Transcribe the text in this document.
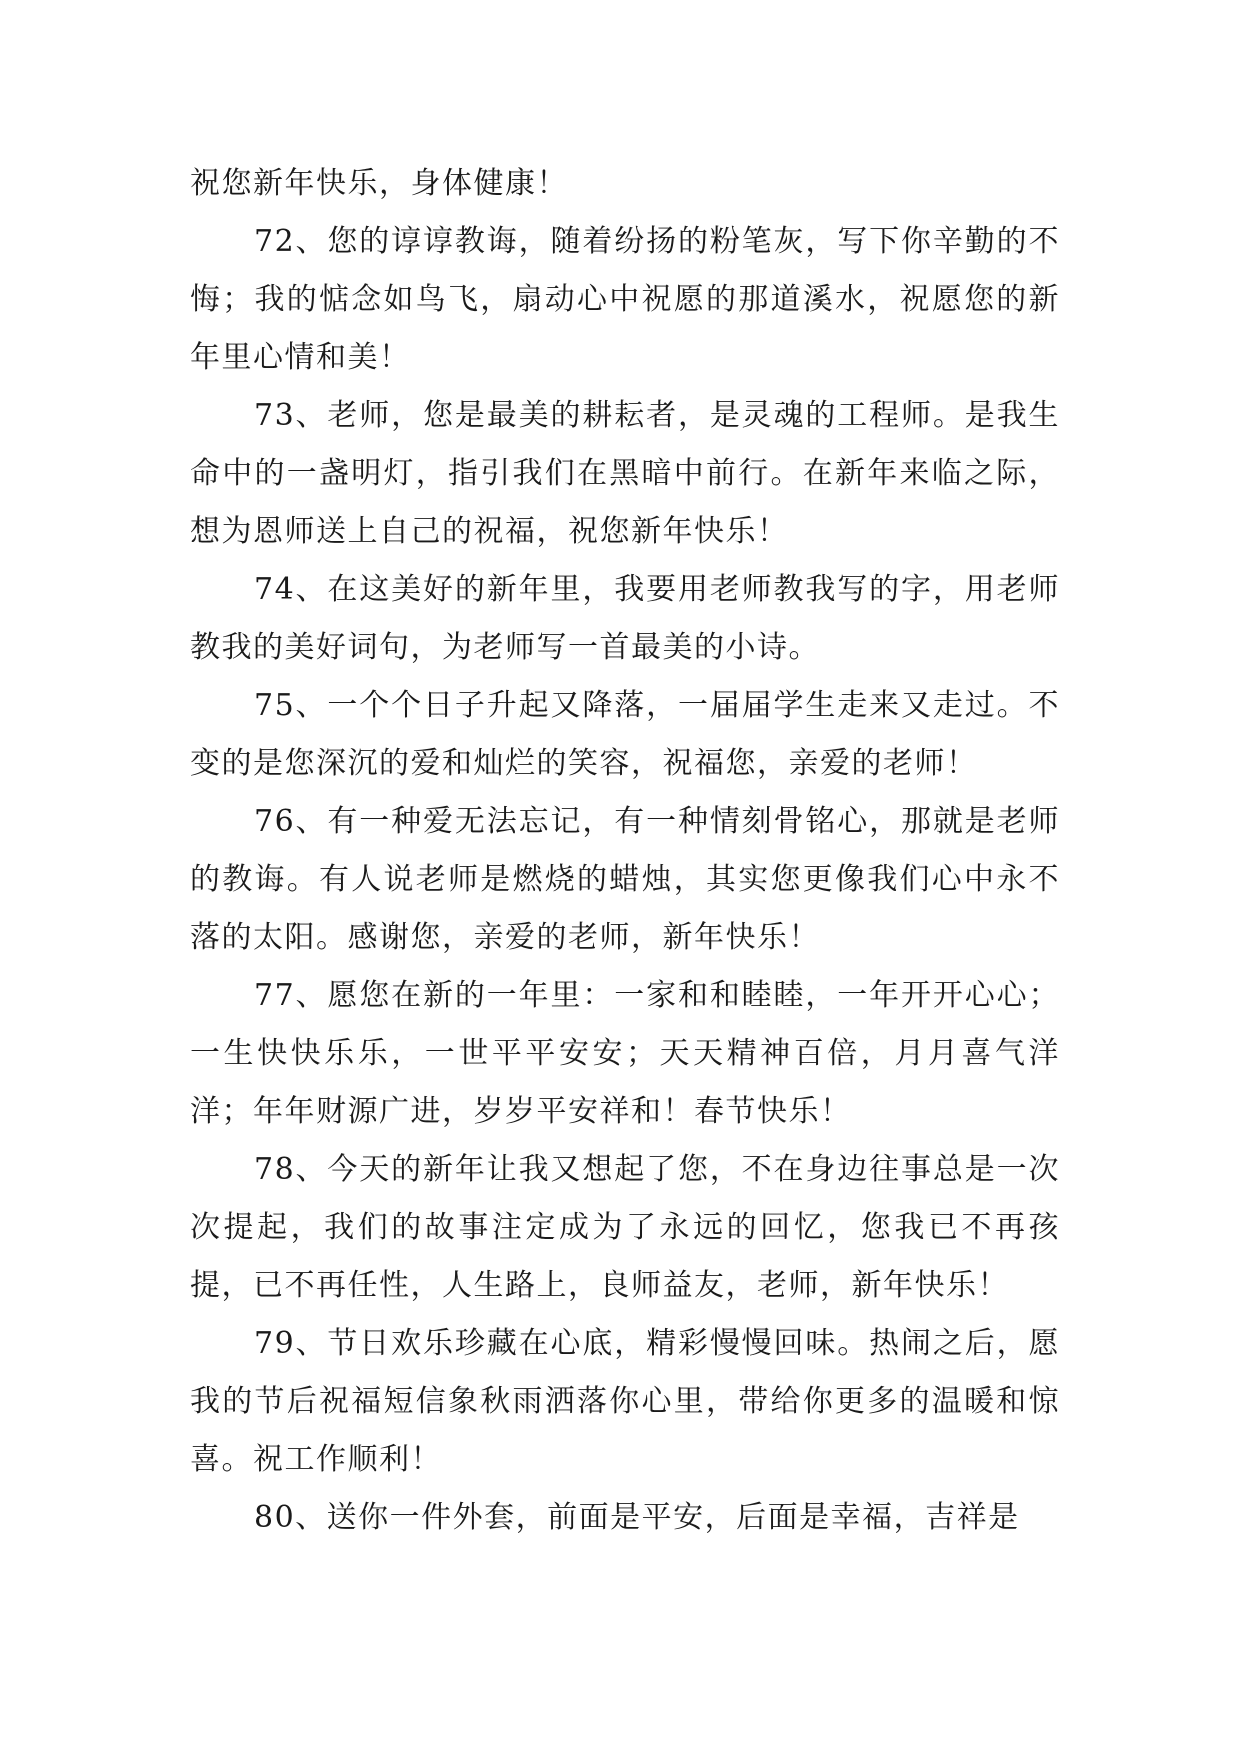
祝您新年快乐，身体健康！

72、您的谆谆教诲，随着纷扬的粉笔灰，写下你辛勤的不悔；我的惦念如鸟飞，扇动心中祝愿的那道溪水，祝愿您的新年里心情和美！

73、老师，您是最美的耕耘者，是灵魂的工程师。是我生命中的一盏明灯，指引我们在黑暗中前行。在新年来临之际，想为恩师送上自己的祝福，祝您新年快乐！

74、在这美好的新年里，我要用老师教我写的字，用老师教我的美好词句，为老师写一首最美的小诗。

75、一个个日子升起又降落，一届届学生走来又走过。不变的是您深沉的爱和灿烂的笑容，祝福您，亲爱的老师！

76、有一种爱无法忘记，有一种情刻骨铭心，那就是老师的教诲。有人说老师是燃烧的蜡烛，其实您更像我们心中永不落的太阳。感谢您，亲爱的老师，新年快乐！

77、愿您在新的一年里：一家和和睦睦，一年开开心心；一生快快乐乐，一世平平安安；天天精神百倍，月月喜气洋洋；年年财源广进，岁岁平安祥和！春节快乐！

78、今天的新年让我又想起了您，不在身边往事总是一次次提起，我们的故事注定成为了永远的回忆，您我已不再孩提，已不再任性，人生路上，良师益友，老师，新年快乐！

79、节日欢乐珍藏在心底，精彩慢慢回味。热闹之后，愿我的节后祝福短信象秋雨洒落你心里，带给你更多的温暖和惊喜。祝工作顺利！

80、送你一件外套，前面是平安，后面是幸福，吉祥是
